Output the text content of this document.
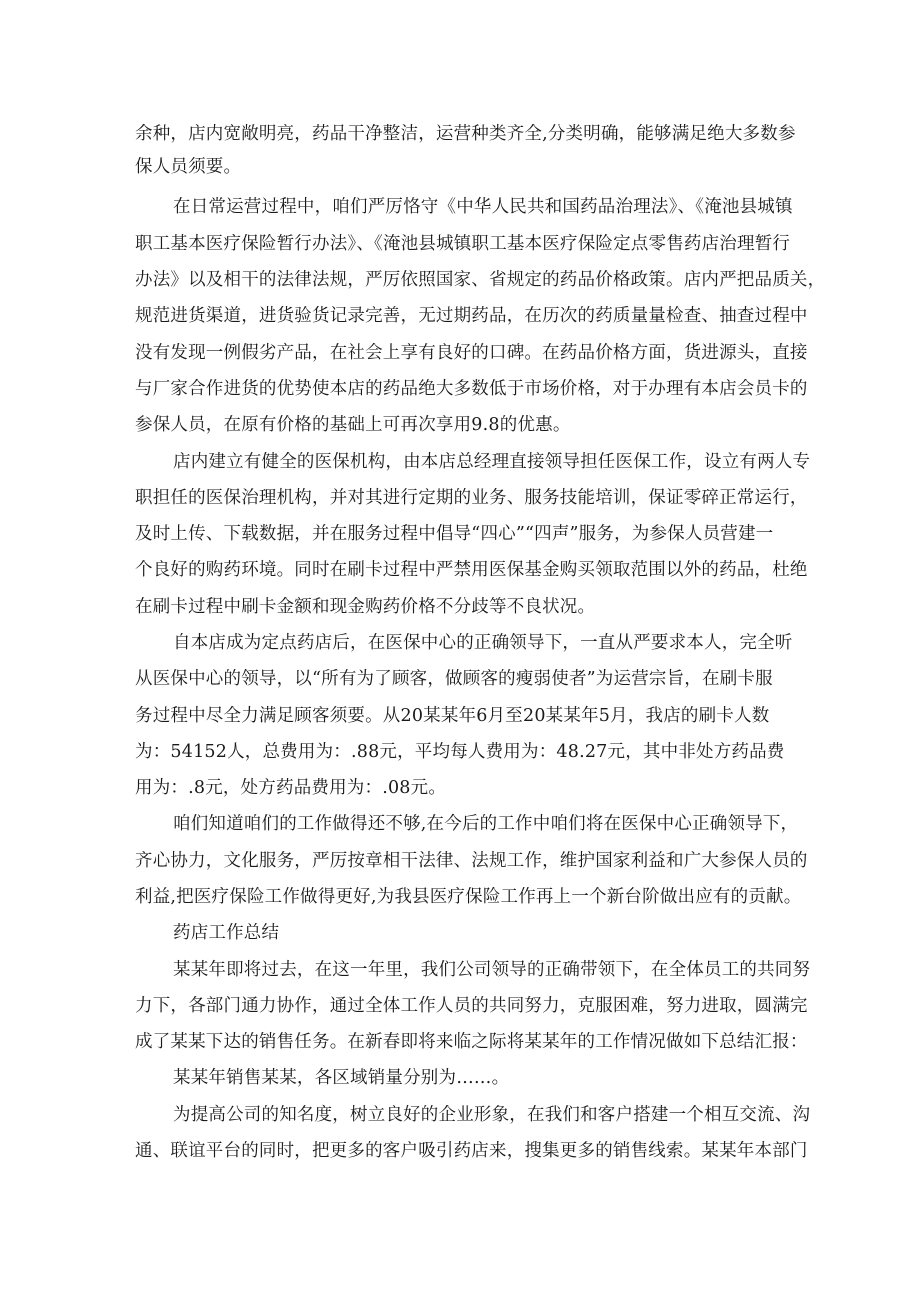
余种，店内宽敞明亮，药品干净整洁，运营种类齐全,分类明确，能够满足绝大多数参
保人员须要。
在日常运营过程中，咱们严厉恪守《中华人民共和国药品治理法》、《淹池县城镇
职工基本医疗保险暂行办法》、《淹池县城镇职工基本医疗保险定点零售药店治理暂行
办法》以及相干的法律法规，严厉依照国家、省规定的药品价格政策。店内严把品质关，
规范进货渠道，进货验货记录完善，无过期药品，在历次的药质量量检查、抽查过程中
没有发现一例假劣产品，在社会上享有良好的口碑。在药品价格方面，货进源头，直接
与厂家合作进货的优势使本店的药品绝大多数低于市场价格，对于办理有本店会员卡的
参保人员，在原有价格的基础上可再次享用9.8的优惠。
店内建立有健全的医保机构，由本店总经理直接领导担任医保工作，设立有两人专
职担任的医保治理机构，并对其进行定期的业务、服务技能培训，保证零碎正常运行，
及时上传、下载数据，并在服务过程中倡导“四心”“四声”服务，为参保人员营建一
个良好的购药环境。同时在刷卡过程中严禁用医保基金购买领取范围以外的药品，杜绝
在刷卡过程中刷卡金额和现金购药价格不分歧等不良状况。
自本店成为定点药店后，在医保中心的正确领导下，一直从严要求本人，完全听
从医保中心的领导，以“所有为了顾客，做顾客的瘦弱使者”为运营宗旨，在刷卡服
务过程中尽全力满足顾客须要。从20某某年6月至20某某年5月，我店的刷卡人数
为：54152人，总费用为：.88元，平均每人费用为：48.27元，其中非处方药品费
用为：.8元，处方药品费用为：.08元。
咱们知道咱们的工作做得还不够,在今后的工作中咱们将在医保中心正确领导下，
齐心协力，文化服务，严厉按章相干法律、法规工作，维护国家利益和广大参保人员的
利益,把医疗保险工作做得更好,为我县医疗保险工作再上一个新台阶做出应有的贡献。
药店工作总结
某某年即将过去，在这一年里，我们公司领导的正确带领下，在全体员工的共同努
力下，各部门通力协作，通过全体工作人员的共同努力，克服困难，努力进取，圆满完
成了某某下达的销售任务。在新春即将来临之际将某某年的工作情况做如下总结汇报：
某某年销售某某，各区域销量分别为……。
为提高公司的知名度，树立良好的企业形象，在我们和客户搭建一个相互交流、沟
通、联谊平台的同时，把更多的客户吸引药店来，搜集更多的销售线索。某某年本部门
